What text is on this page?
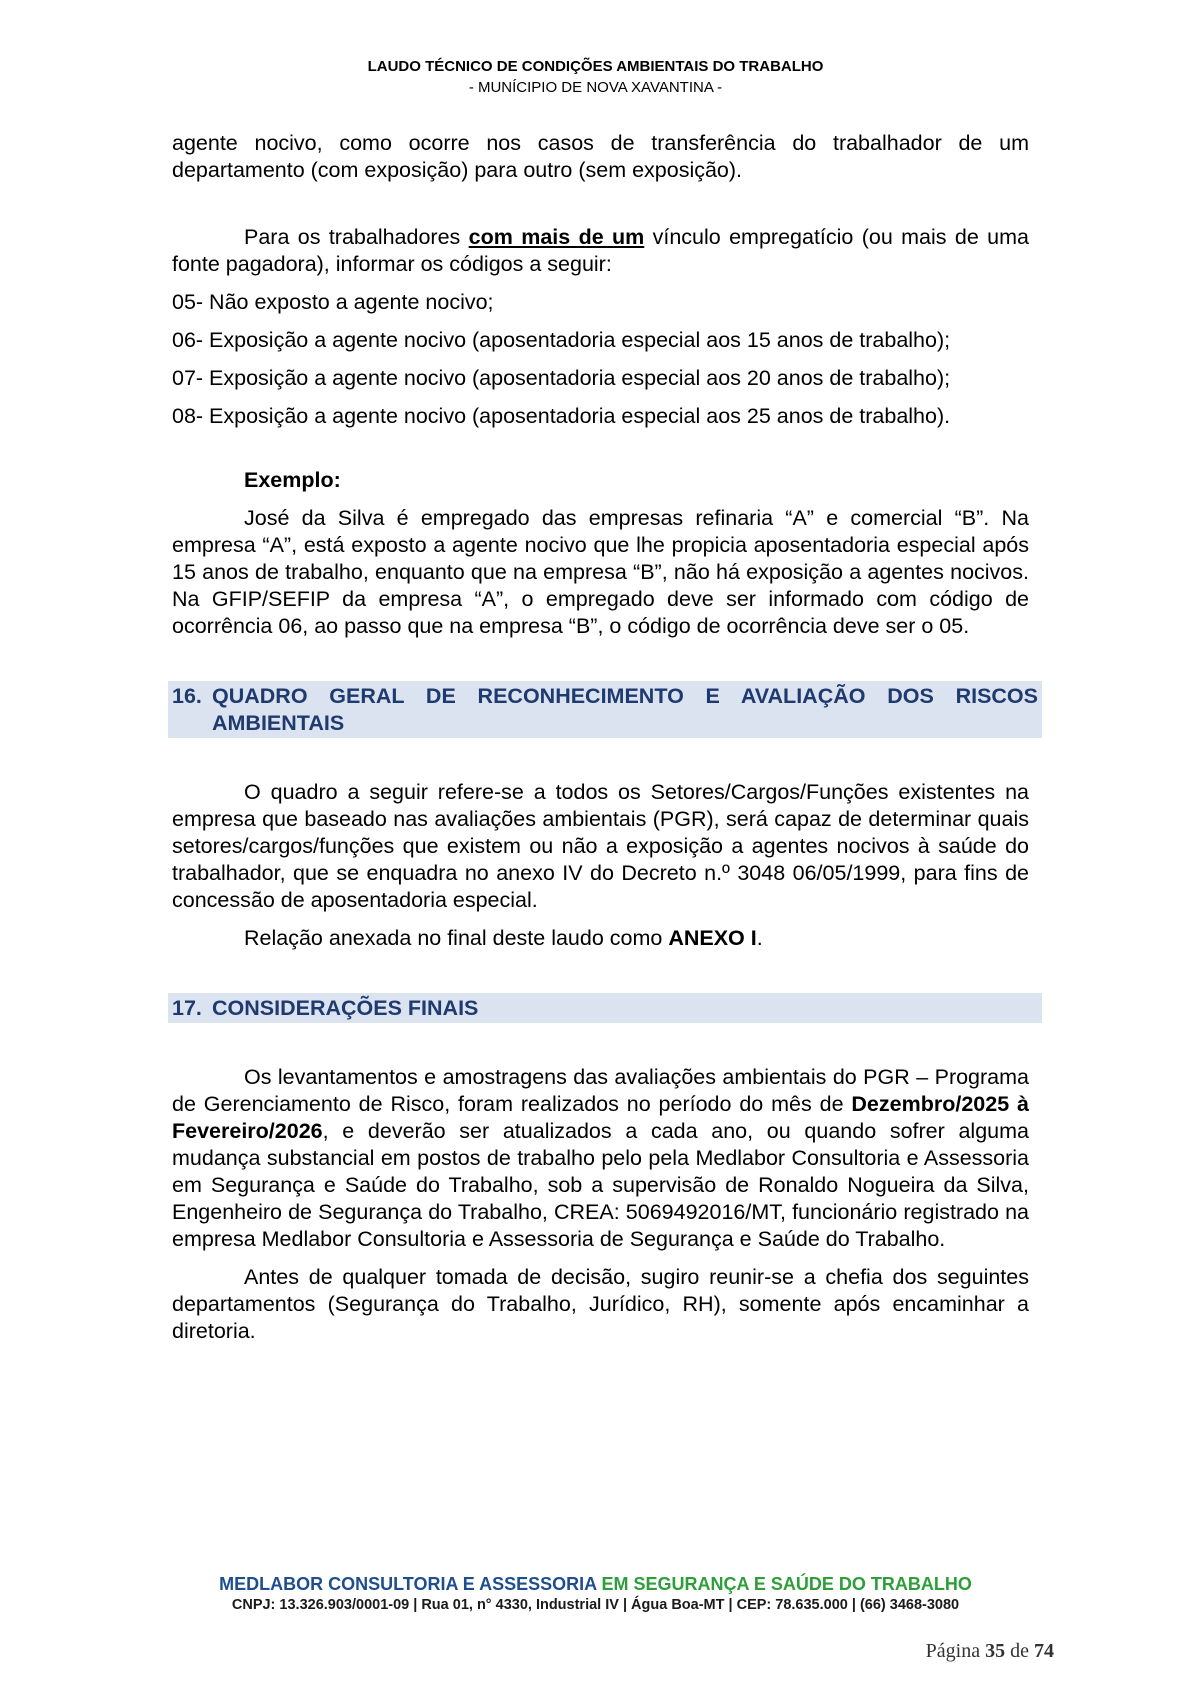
LAUDO TÉCNICO DE CONDIÇÕES AMBIENTAIS DO TRABALHO
- MUNÍCIPIO DE NOVA XAVANTINA -

agente nocivo, como ocorre nos casos de transferência do trabalhador de um departamento (com exposição) para outro (sem exposição).

Para os trabalhadores com mais de um vínculo empregatício (ou mais de uma fonte pagadora), informar os códigos a seguir:

05- Não exposto a agente nocivo;

06- Exposição a agente nocivo (aposentadoria especial aos 15 anos de trabalho);

07- Exposição a agente nocivo (aposentadoria especial aos 20 anos de trabalho);

08- Exposição a agente nocivo (aposentadoria especial aos 25 anos de trabalho).

Exemplo:

José da Silva é empregado das empresas refinaria “A” e comercial “B”. Na empresa “A”, está exposto a agente nocivo que lhe propicia aposentadoria especial após 15 anos de trabalho, enquanto que na empresa “B”, não há exposição a agentes nocivos. Na GFIP/SEFIP da empresa “A”, o empregado deve ser informado com código de ocorrência 06, ao passo que na empresa “B”, o código de ocorrência deve ser o 05.

16. QUADRO GERAL DE RECONHECIMENTO E AVALIAÇÃO DOS RISCOS AMBIENTAIS

O quadro a seguir refere-se a todos os Setores/Cargos/Funções existentes na empresa que baseado nas avaliações ambientais (PGR), será capaz de determinar quais setores/cargos/funções que existem ou não a exposição a agentes nocivos à saúde do trabalhador, que se enquadra no anexo IV do Decreto n.º 3048 06/05/1999, para fins de concessão de aposentadoria especial.

Relação anexada no final deste laudo como ANEXO I.

17. CONSIDERAÇÕES FINAIS

Os levantamentos e amostragens das avaliações ambientais do PGR – Programa de Gerenciamento de Risco, foram realizados no período do mês de Dezembro/2025 à Fevereiro/2026, e deverão ser atualizados a cada ano, ou quando sofrer alguma mudança substancial em postos de trabalho pelo pela Medlabor Consultoria e Assessoria em Segurança e Saúde do Trabalho, sob a supervisão de Ronaldo Nogueira da Silva, Engenheiro de Segurança do Trabalho, CREA: 5069492016/MT, funcionário registrado na empresa Medlabor Consultoria e Assessoria de Segurança e Saúde do Trabalho.

Antes de qualquer tomada de decisão, sugiro reunir-se a chefia dos seguintes departamentos (Segurança do Trabalho, Jurídico, RH), somente após encaminhar a diretoria.

MEDLABOR CONSULTORIA E ASSESSORIA EM SEGURANÇA E SAÚDE DO TRABALHO
CNPJ: 13.326.903/0001-09 | Rua 01, n° 4330, Industrial IV | Água Boa-MT | CEP: 78.635.000 | (66) 3468-3080
Página 35 de 74
